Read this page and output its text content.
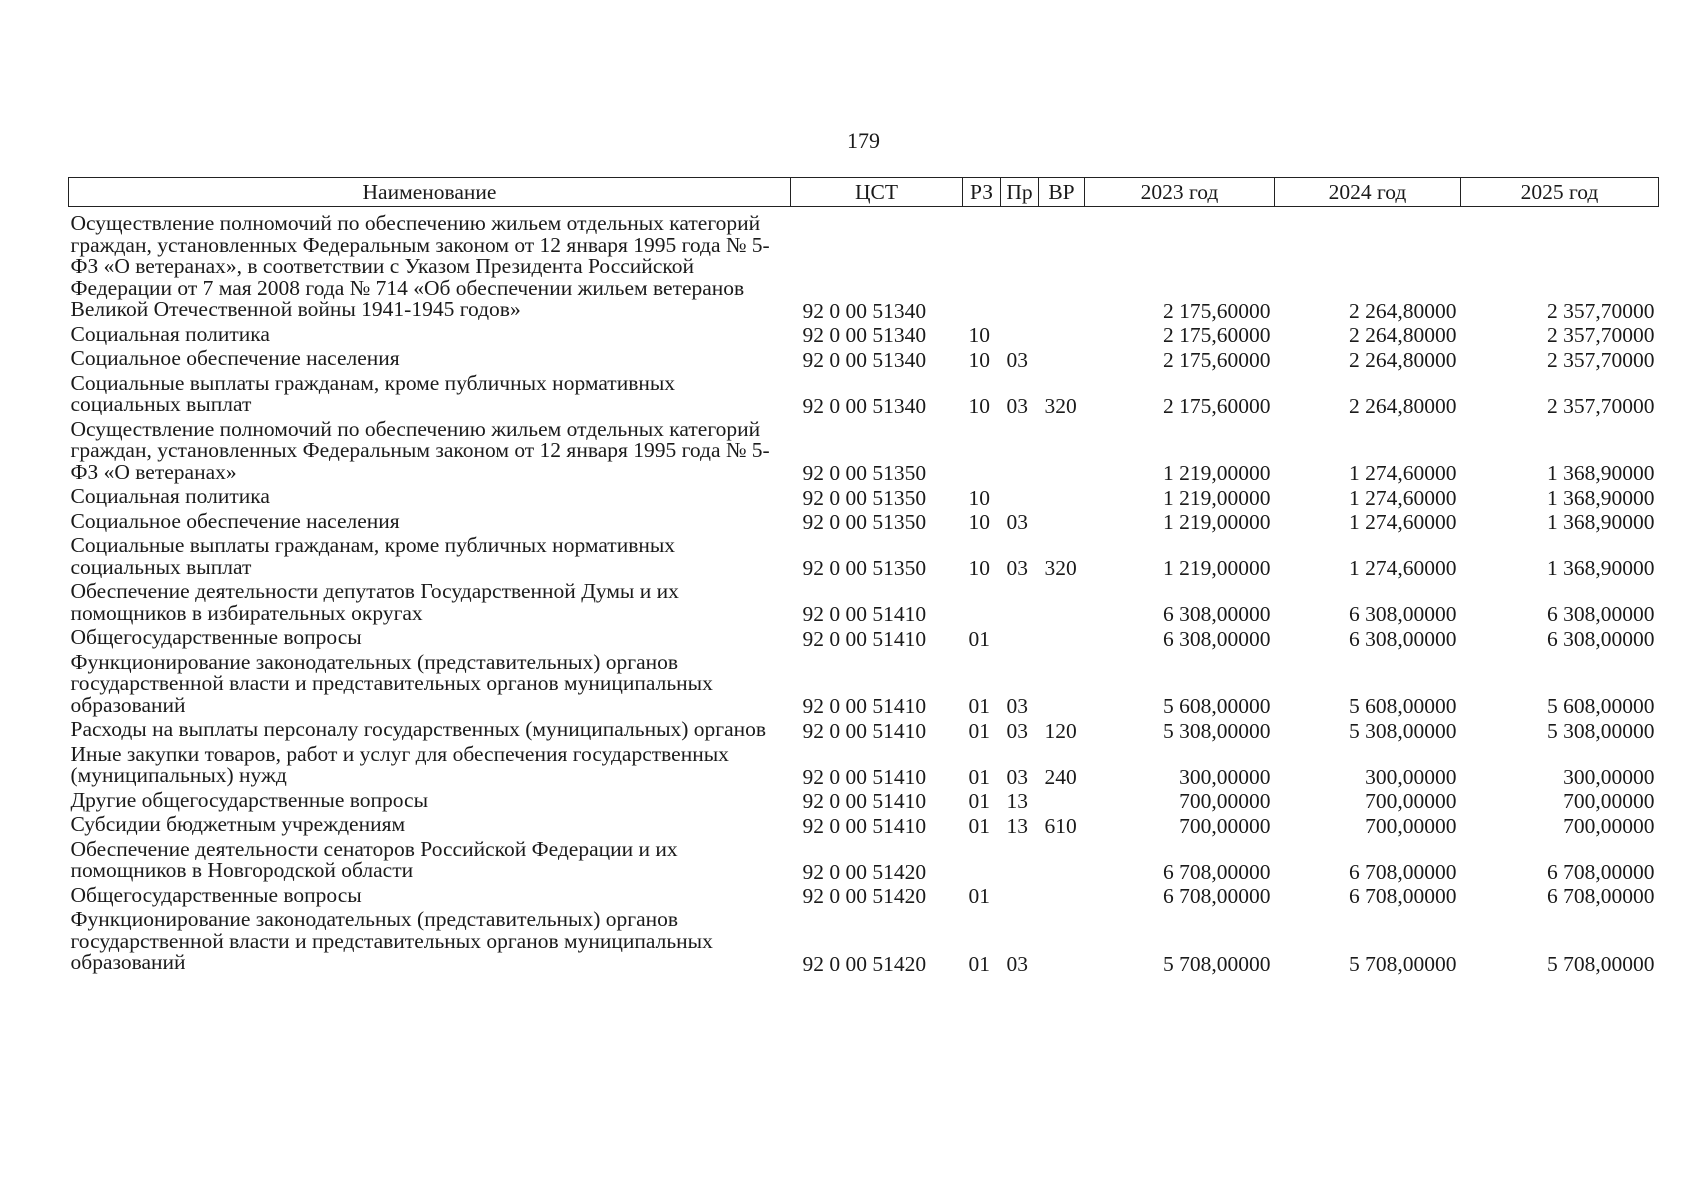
179
Наименование	ЦСТ	РЗ	Пр	ВР	2023 год	2024 год	2025 год

Осуществление полномочий по обеспечению жильем отдельных категорий граждан, установленных Федеральным законом от 12 января 1995 года № 5-ФЗ «О ветеранах», в соответствии с Указом Президента Российской Федерации от 7 мая 2008 года № 714 «Об обеспечении жильем ветеранов Великой Отечественной войны 1941-1945 годов»	92 0 00 51340				2 175,60000	2 264,80000	2 357,70000
Социальная политика	92 0 00 51340	10			2 175,60000	2 264,80000	2 357,70000
Социальное обеспечение населения	92 0 00 51340	10	03		2 175,60000	2 264,80000	2 357,70000
Социальные выплаты гражданам, кроме публичных нормативных социальных выплат	92 0 00 51340	10	03	320	2 175,60000	2 264,80000	2 357,70000
Осуществление полномочий по обеспечению жильем отдельных категорий граждан, установленных Федеральным законом от 12 января 1995 года № 5-ФЗ «О ветеранах»	92 0 00 51350				1 219,00000	1 274,60000	1 368,90000
Социальная политика	92 0 00 51350	10			1 219,00000	1 274,60000	1 368,90000
Социальное обеспечение населения	92 0 00 51350	10	03		1 219,00000	1 274,60000	1 368,90000
Социальные выплаты гражданам, кроме публичных нормативных социальных выплат	92 0 00 51350	10	03	320	1 219,00000	1 274,60000	1 368,90000
Обеспечение деятельности депутатов Государственной Думы и их помощников в избирательных округах	92 0 00 51410				6 308,00000	6 308,00000	6 308,00000
Общегосударственные вопросы	92 0 00 51410	01			6 308,00000	6 308,00000	6 308,00000
Функционирование законодательных (представительных) органов государственной власти и представительных органов муниципальных образований	92 0 00 51410	01	03		5 608,00000	5 608,00000	5 608,00000
Расходы на выплаты персоналу государственных (муниципальных) органов	92 0 00 51410	01	03	120	5 308,00000	5 308,00000	5 308,00000
Иные закупки товаров, работ и услуг для обеспечения государственных (муниципальных) нужд	92 0 00 51410	01	03	240	300,00000	300,00000	300,00000
Другие общегосударственные вопросы	92 0 00 51410	01	13		700,00000	700,00000	700,00000
Субсидии бюджетным учреждениям	92 0 00 51410	01	13	610	700,00000	700,00000	700,00000
Обеспечение деятельности сенаторов Российской Федерации и их помощников в Новгородской области	92 0 00 51420				6 708,00000	6 708,00000	6 708,00000
Общегосударственные вопросы	92 0 00 51420	01			6 708,00000	6 708,00000	6 708,00000
Функционирование законодательных (представительных) органов государственной власти и представительных органов муниципальных образований	92 0 00 51420	01	03		5 708,00000	5 708,00000	5 708,00000
